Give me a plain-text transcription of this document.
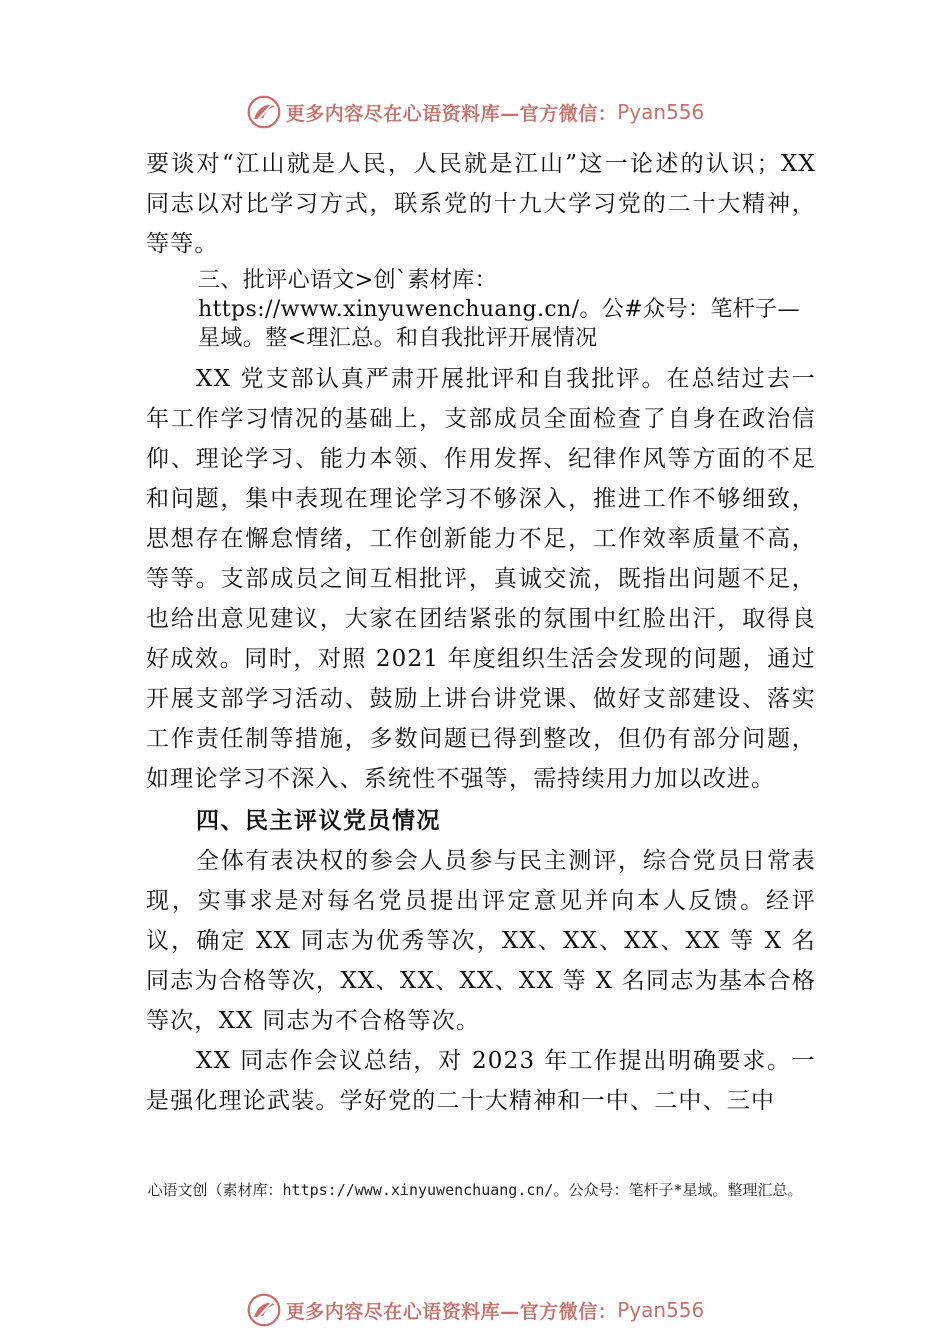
更多内容尽在心语资料库—官方微信： Pyan556

要谈对“江山就是人民，人民就是江山”这一论述的认识；XX 同志以对比学习方式，联系党的十九大学习党的二十大精神，等等。

三、批评心语文>创`素材库：https://www.xinyuwenchuang.cn/。公#众号：笔杆子—星域。整<理汇总。和自我批评开展情况

XX 党支部认真严肃开展批评和自我批评。在总结过去一年工作学习情况的基础上，支部成员全面检查了自身在政治信仰、理论学习、能力本领、作用发挥、纪律作风等方面的不足和问题，集中表现在理论学习不够深入，推进工作不够细致，思想存在懈怠情绪，工作创新能力不足，工作效率质量不高，等等。支部成员之间互相批评，真诚交流，既指出问题不足，也给出意见建议，大家在团结紧张的氛围中红脸出汗，取得良好成效。同时，对照 2021 年度组织生活会发现的问题，通过开展支部学习活动、鼓励上讲台讲党课、做好支部建设、落实工作责任制等措施，多数问题已得到整改，但仍有部分问题，如理论学习不深入、系统性不强等，需持续用力加以改进。

四、民主评议党员情况

全体有表决权的参会人员参与民主测评，综合党员日常表现，实事求是对每名党员提出评定意见并向本人反馈。经评议，确定 XX 同志为优秀等次，XX、XX、XX、XX 等 X 名同志为合格等次，XX、XX、XX、XX 等 X 名同志为基本合格等次，XX 同志为不合格等次。

XX 同志作会议总结，对 2023 年工作提出明确要求。一是强化理论武装。学好党的二十大精神和一中、二中、三中

心语文创（素材库：https://www.xinyuwenchuang.cn/。公众号：笔杆子*星域。整理汇总。
更多内容尽在心语资料库—官方微信： Pyan556
